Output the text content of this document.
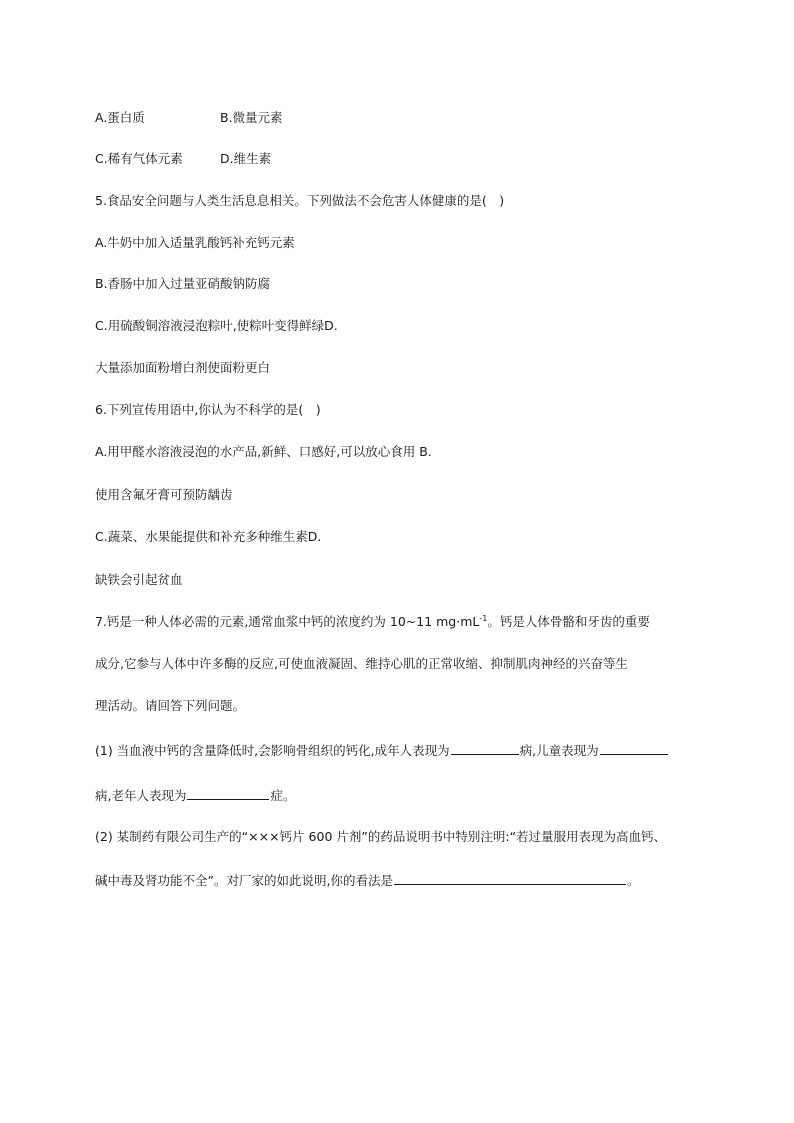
A.蛋白质	B.微量元素
C.稀有气体元素	D.维生素
5.食品安全问题与人类生活息息相关。下列做法不会危害人体健康的是(　)
A.牛奶中加入适量乳酸钙补充钙元素
B.香肠中加入过量亚硝酸钠防腐
C.用硫酸铜溶液浸泡粽叶,使粽叶变得鲜绿D.
大量添加面粉增白剂使面粉更白
6.下列宣传用语中,你认为不科学的是(　)
A.用甲醛水溶液浸泡的水产品,新鲜、口感好,可以放心食用 B.
使用含氟牙膏可预防龋齿
C.蔬菜、水果能提供和补充多种维生素D.
缺铁会引起贫血
7.钙是一种人体必需的元素,通常血浆中钙的浓度约为 10~11 $mg\cdot mL^{-1}$。钙是人体骨骼和牙齿的重要
成分,它参与人体中许多酶的反应,可使血液凝固、维持心肌的正常收缩、抑制肌肉神经的兴奋等生
理活动。请回答下列问题。
(1) 当血液中钙的含量降低时,会影响骨组织的钙化,成年人表现为	病,儿童表现为
病,老年人表现为	症。
(2) 某制药有限公司生产的“×××钙片 600 片剂”的药品说明书中特别注明:“若过量服用表现为高血钙、
碱中毒及肾功能不全”。对厂家的如此说明,你的看法是	。
